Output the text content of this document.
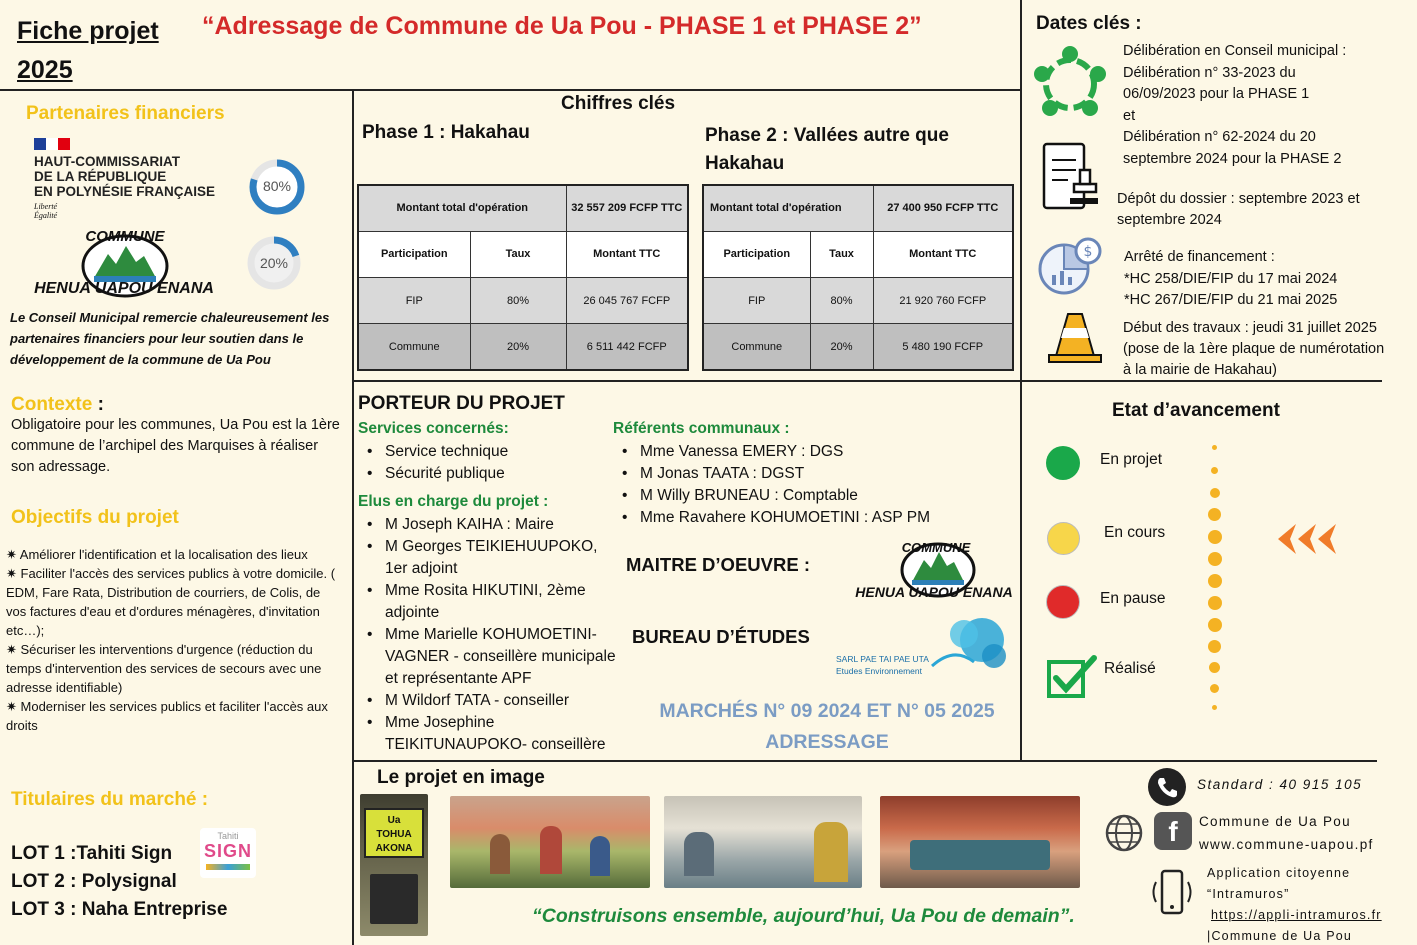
Fiche projet
2025
“Adressage de Commune de Ua Pou - PHASE 1 et PHASE 2”
Partenaires financiers
HAUT-COMMISSARIAT
DE LA RÉPUBLIQUE
EN POLYNÉSIE FRANÇAISE
Liberté
Égalité
80%
COMMUNE
HENUA UAPOU ENANA
20%
Le Conseil Municipal remercie chaleureusement les partenaires financiers pour leur soutien dans le développement de la commune de Ua Pou
Contexte :
Obligatoire pour les communes, Ua Pou est la 1ère commune de l’archipel des Marquises à réaliser son adressage.
Objectifs du projet
✷ Améliorer l'identification et la localisation des lieux
✷ Faciliter l'accès des services publics à votre domicile. ( EDM, Fare Rata, Distribution de courriers, de Colis, de vos factures d'eau et d'ordures ménagères, d'invitation etc…);
✷ Sécuriser les interventions d'urgence (réduction du temps d'intervention des services de secours avec une adresse identifiable)
✷ Moderniser les services publics et faciliter l'accès aux droits
Titulaires du marché :
LOT 1 :Tahiti Sign
LOT 2 : Polysignal
LOT 3 : Naha Entreprise
Tahiti
SIGN
Chiffres clés
Phase 1 : Hakahau	Phase 2 : Vallées autre que
Hakahau
Montant total d'opération		32 557 209 FCFP TTC
Participation	Taux	Montant TTC
FIP	80%	26 045 767 FCFP
Commune	20%	6 511 442 FCFP
Montant total d'opération		27 400 950 FCFP TTC
Participation	Taux	Montant TTC
FIP	80%	21 920 760 FCFP
Commune	20%	5 480 190 FCFP
Dates clés :
Délibération en Conseil municipal :
Délibération n° 33-2023 du
06/09/2023 pour la PHASE 1
et
Délibération n° 62-2024 du 20
septembre 2024 pour la PHASE 2
Dépôt du dossier : septembre 2023 et
septembre 2024
$ Arrêté de financement :
*HC 258/DIE/FIP du 17 mai 2024
*HC 267/DIE/FIP du 21 mai 2025
Début des travaux : jeudi 31 juillet 2025
(pose de la 1ère plaque de numérotation
à la mairie de Hakahau)
PORTEUR DU PROJET
Services concernés:
• Service technique
• Sécurité publique
Elus en charge du projet :
• M Joseph KAIHA : Maire
• M Georges TEIKIEHUUPOKO, 1er adjoint
• Mme Rosita HIKUTINI, 2ème adjointe
• Mme Marielle KOHUMOETINI-VAGNER - conseillère municipale et représentante APF
• M Wildorf TATA - conseiller
• Mme Josephine TEIKITUNAUPOKO- conseillère
Référents communaux :
• Mme Vanessa EMERY : DGS
• M Jonas TAATA : DGST
• M Willy BRUNEAU : Comptable
• Mme Ravahere KOHUMOETINI : ASP PM
MAITRE D’OEUVRE :
COMMUNE
HENUA UAPOU ENANA
BUREAU D’ÉTUDES
SARL PAE TAI PAE UTA
Etudes Environnement
MARCHÉS N° 09 2024 ET N° 05 2025
ADRESSAGE
Etat d’avancement
En projet
En cours
En pause
Réalisé
Le projet en image
Ua
TOHUA AKONA
“Construisons ensemble, aujourd’hui, Ua Pou de demain”.
Standard : 40 915 105
f	Commune de Ua Pou
www.commune-uapou.pf
Application citoyenne
“Intramuros”
https://appli-intramuros.fr
|Commune de Ua Pou
